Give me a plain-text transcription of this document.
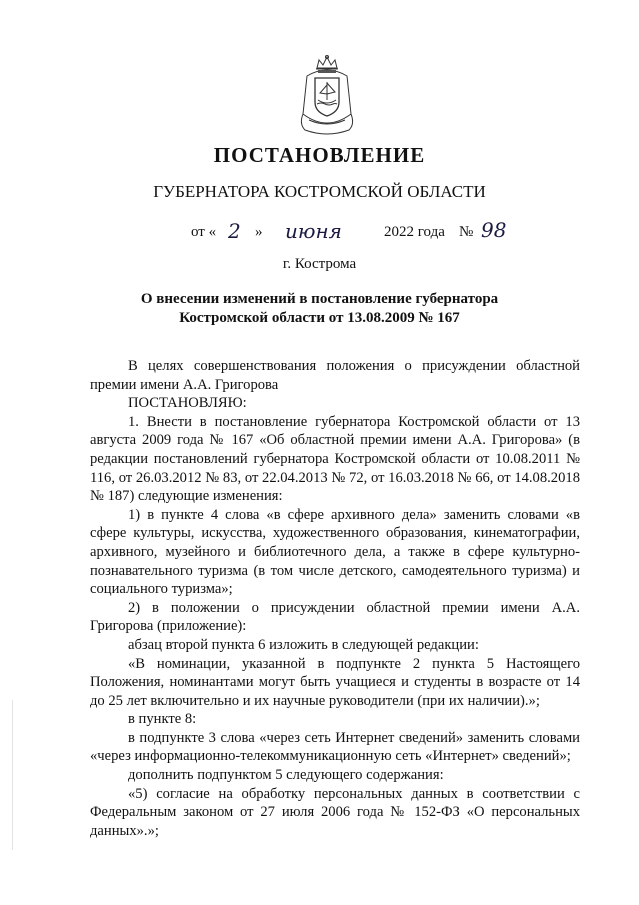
ПОСТАНОВЛЕНИЕ
ГУБЕРНАТОРА КОСТРОМСКОЙ ОБЛАСТИ
от « 2 » июня	2022 года № 98
г. Кострома
О внесении изменений в постановление губернатора
Костромской области от 13.08.2009 № 167

В целях совершенствования положения о присуждении областной премии имени А.А. Григорова

ПОСТАНОВЛЯЮ:

1. Внести в постановление губернатора Костромской области от 13 августа 2009 года № 167 «Об областной премии имени А.А. Григорова» (в редакции постановлений губернатора Костромской области от 10.08.2011 № 116, от 26.03.2012 № 83, от 22.04.2013 № 72, от 16.03.2018 № 66, от 14.08.2018 № 187) следующие изменения:

1) в пункте 4 слова «в сфере архивного дела» заменить словами «в сфере культуры, искусства, художественного образования, кинематографии, архивного, музейного и библиотечного дела, а также в сфере культурно-познавательного туризма (в том числе детского, самодеятельного туризма) и социального туризма»;

2) в положении о присуждении областной премии имени А.А. Григорова (приложение):

абзац второй пункта 6 изложить в следующей редакции:

«В номинации, указанной в подпункте 2 пункта 5 Настоящего Положения, номинантами могут быть учащиеся и студенты в возрасте от 14 до 25 лет включительно и их научные руководители (при их наличии).»;

в пункте 8:

в подпункте 3 слова «через сеть Интернет сведений» заменить словами «через информационно-телекоммуникационную сеть «Интернет» сведений»;

дополнить подпунктом 5 следующего содержания:

«5) согласие на обработку персональных данных в соответствии с Федеральным законом от 27 июля 2006 года № 152-ФЗ «О персональных данных».»;
